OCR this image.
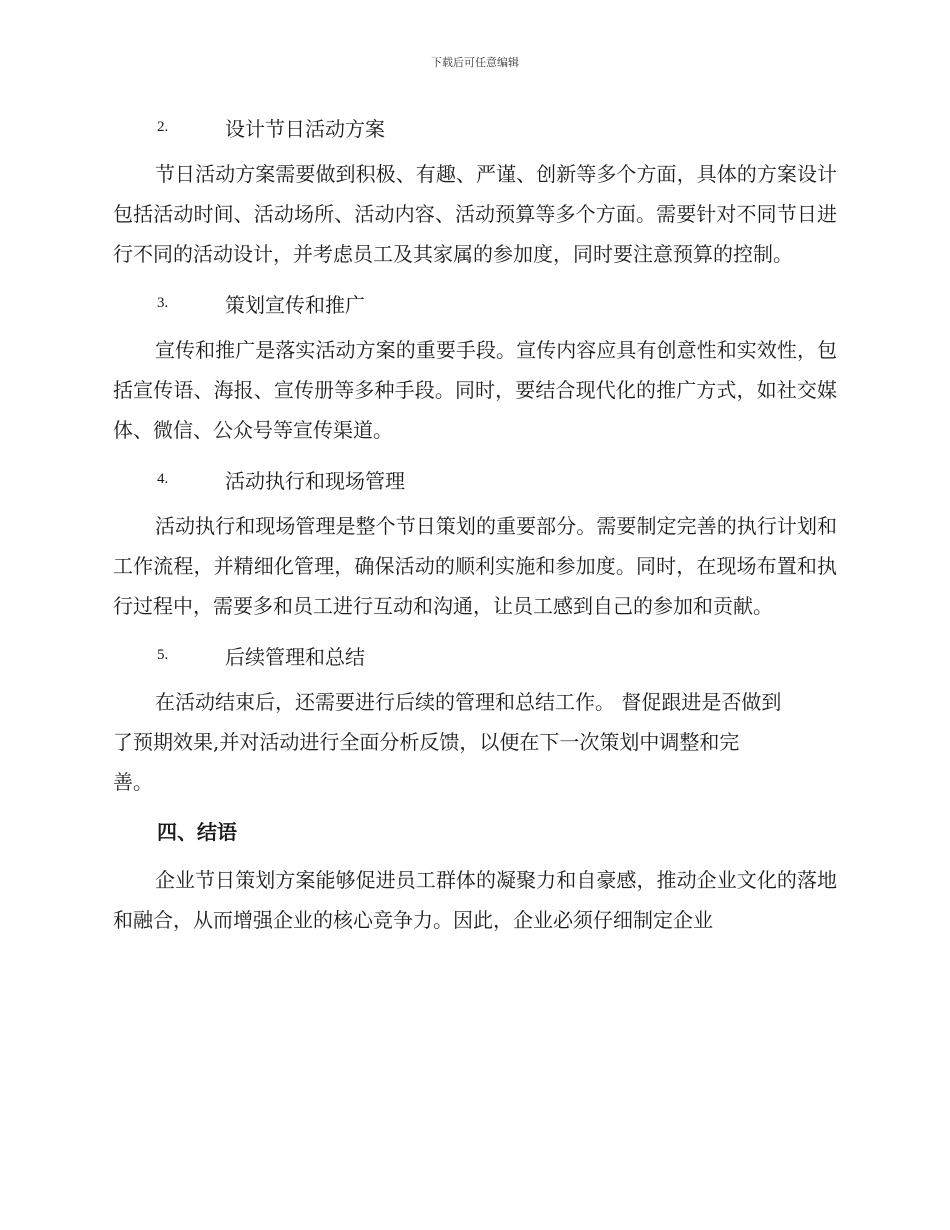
下载后可任意编辑
2.	设计节日活动方案

节日活动方案需要做到积极、有趣、严谨、创新等多个方面，具体的方案设计包括活动时间、活动场所、活动内容、活动预算等多个方面。需要针对不同节日进行不同的活动设计，并考虑员工及其家属的参加度，同时要注意预算的控制。

3.	策划宣传和推广

宣传和推广是落实活动方案的重要手段。宣传内容应具有创意性和实效性，包括宣传语、海报、宣传册等多种手段。同时，要结合现代化的推广方式，如社交媒体、微信、公众号等宣传渠道。

4.	活动执行和现场管理

活动执行和现场管理是整个节日策划的重要部分。需要制定完善的执行计划和工作流程，并精细化管理，确保活动的顺利实施和参加度。同时，在现场布置和执行过程中，需要多和员工进行互动和沟通，让员工感到自己的参加和贡献。

5.	后续管理和总结

在活动结束后，还需要进行后续的管理和总结工作。 督促跟进是否做到
了预期效果,并对活动进行全面分析反馈，以便在下一次策划中调整和完
善。

四、结语

企业节日策划方案能够促进员工群体的凝聚力和自豪感，推动企业文化的落地和融合，从而增强企业的核心竞争力。因此，企业必须仔细制定企业
